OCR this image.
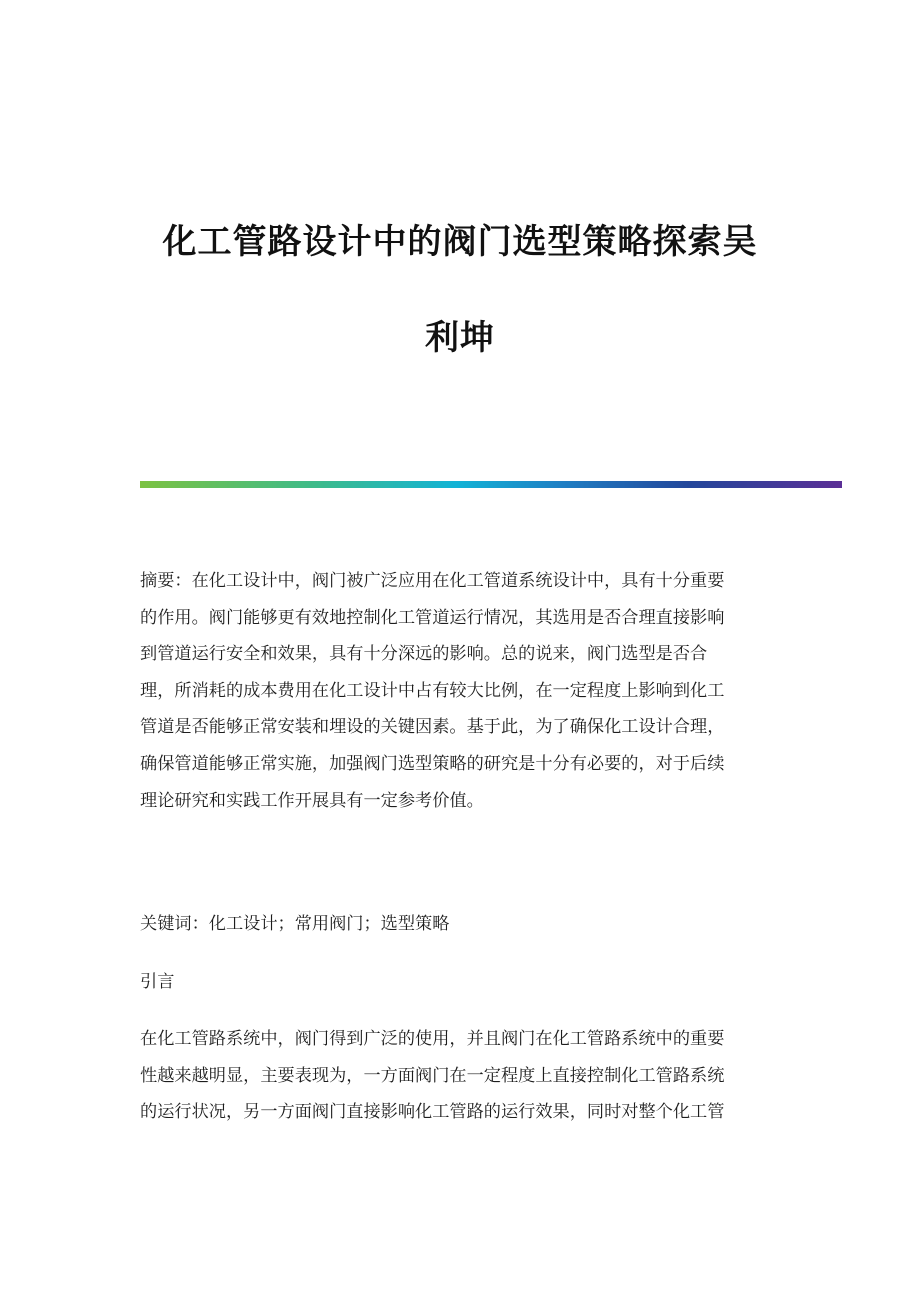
化工管路设计中的阀门选型策略探索吴
利坤

摘要：在化工设计中，阀门被广泛应用在化工管道系统设计中，具有十分重要
的作用。阀门能够更有效地控制化工管道运行情况，其选用是否合理直接影响
到管道运行安全和效果，具有十分深远的影响。总的说来，阀门选型是否合
理，所消耗的成本费用在化工设计中占有较大比例，在一定程度上影响到化工
管道是否能够正常安装和埋设的关键因素。基于此，为了确保化工设计合理，
确保管道能够正常实施，加强阀门选型策略的研究是十分有必要的，对于后续
理论研究和实践工作开展具有一定参考价值。

关键词：化工设计；常用阀门；选型策略

引言

在化工管路系统中，阀门得到广泛的使用，并且阀门在化工管路系统中的重要
性越来越明显，主要表现为，一方面阀门在一定程度上直接控制化工管路系统
的运行状况，另一方面阀门直接影响化工管路的运行效果，同时对整个化工管
